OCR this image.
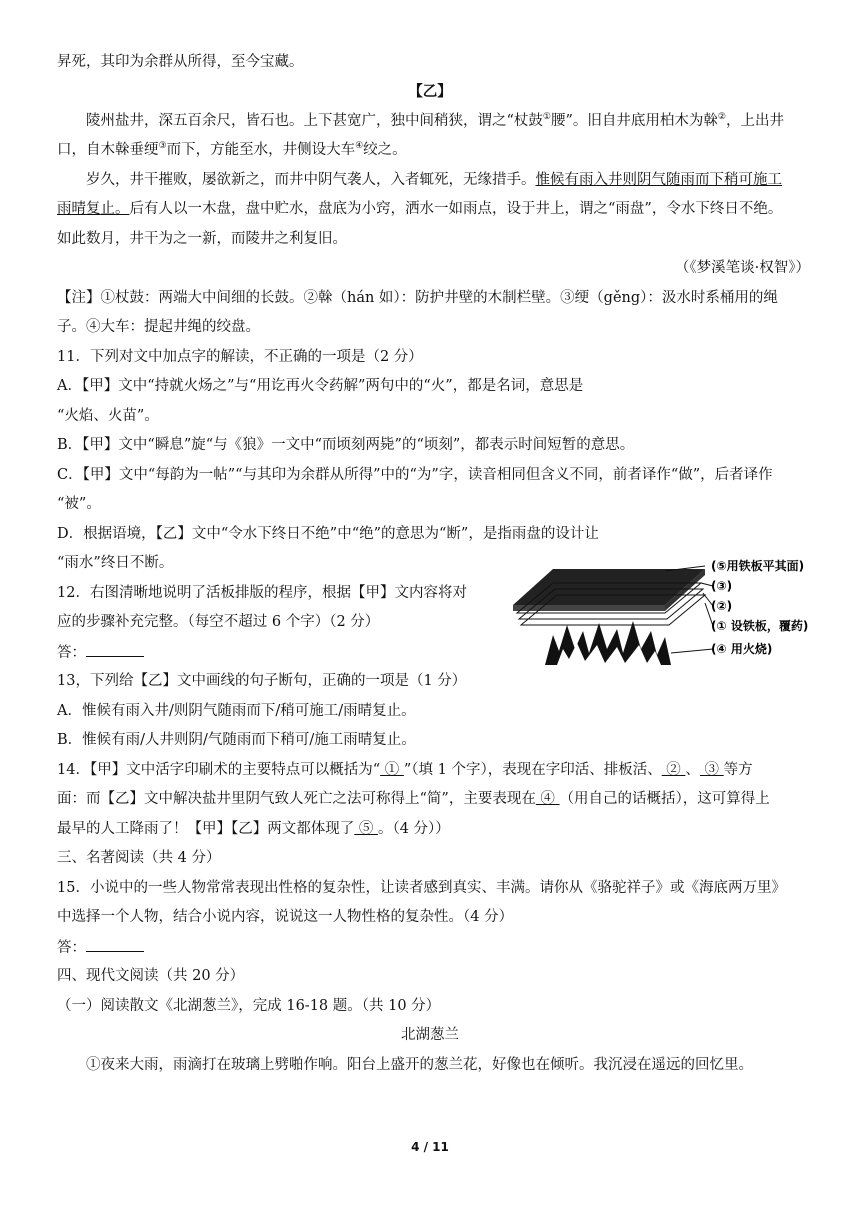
昇死，其印为余群从所得，至今宝藏。
【乙】
陵州盐井，深五百余尺，皆石也。上下甚宽广，独中间稍狭，谓之“杖鼓①腰”。旧自井底用柏木为榦②，上出井
口，自木榦垂绠③而下，方能至水，井侧设大车④绞之。
岁久，井干摧败，屡欲新之，而井中阴气袭人，入者辄死，无缘措手。惟候有雨入井则阴气随雨而下稍可施工
雨晴复止。后有人以一木盘，盘中贮水，盘底为小窍，洒水一如雨点，设于井上，谓之“雨盘”，令水下终日不绝。
如此数月，井干为之一新，而陵井之利复旧。
（《梦溪笔谈·权智》）
【注】①杖鼓：两端大中间细的长鼓。②榦（hán 如）：防护井壁的木制栏壁。③绠（gěng）：汲水时系桶用的绳
子。④大车：提起井绳的绞盘。
11．下列对文中加点字的解读，不正确的一项是（2 分）
A．【甲】文中“持就火炀之”与“用讫再火令药解”两句中的“火”，都是名词，意思是
“火焰、火苗”。
B．【甲】文中“瞬息”旋“与《狼》一文中“而顷刻两毙”的“顷刻”，都表示时间短暂的意思。
C．【甲】文中“每韵为一帖”“与其印为余群从所得”中的“为”字，读音相同但含义不同，前者译作“做”，后者译作
“被”。
D．根据语境，【乙】文中“令水下终日不绝”中“绝”的意思为“断”，是指雨盘的设计让
“雨水”终日不断。
12．右图清晰地说明了活板排版的程序，根据【甲】文内容将对
应的步骤补充完整。（每空不超过 6 个字）（2 分）
答：
(⑤用铁板平其面)
(③)
(②)
(① 设铁板，覆药)
(④ 用火烧)
13，下列给【乙】文中画线的句子断句，正确的一项是（1 分）
A．惟候有雨入井/则阴气随雨而下/稍可施工/雨晴复止。
B．惟候有雨/人井则阴/气随雨而下稍可/施工雨晴复止。
14．【甲】文中活字印刷术的主要特点可以概括为“ ① ”（填 1 个字），表现在字印活、排板活、 ② 、 ③ 等方
面：而【乙】文中解决盐井里阴气致人死亡之法可称得上“简”，主要表现在 ④ （用自己的话概括），这可算得上
最早的人工降雨了！【甲】【乙】两文都体现了 ⑤ 。（4 分））
三、名著阅读（共 4 分）
15．小说中的一些人物常常表现出性格的复杂性，让读者感到真实、丰满。请你从《骆驼祥子》或《海底两万里》
中选择一个人物，结合小说内容，说说这一人物性格的复杂性。（4 分）
答：
四、现代文阅读（共 20 分）
（一）阅读散文《北湖葱兰》，完成 16-18 题。（共 10 分）
北湖葱兰
①夜来大雨，雨滴打在玻璃上劈啪作响。阳台上盛开的葱兰花，好像也在倾听。我沉浸在遥远的回忆里。
4 / 11
